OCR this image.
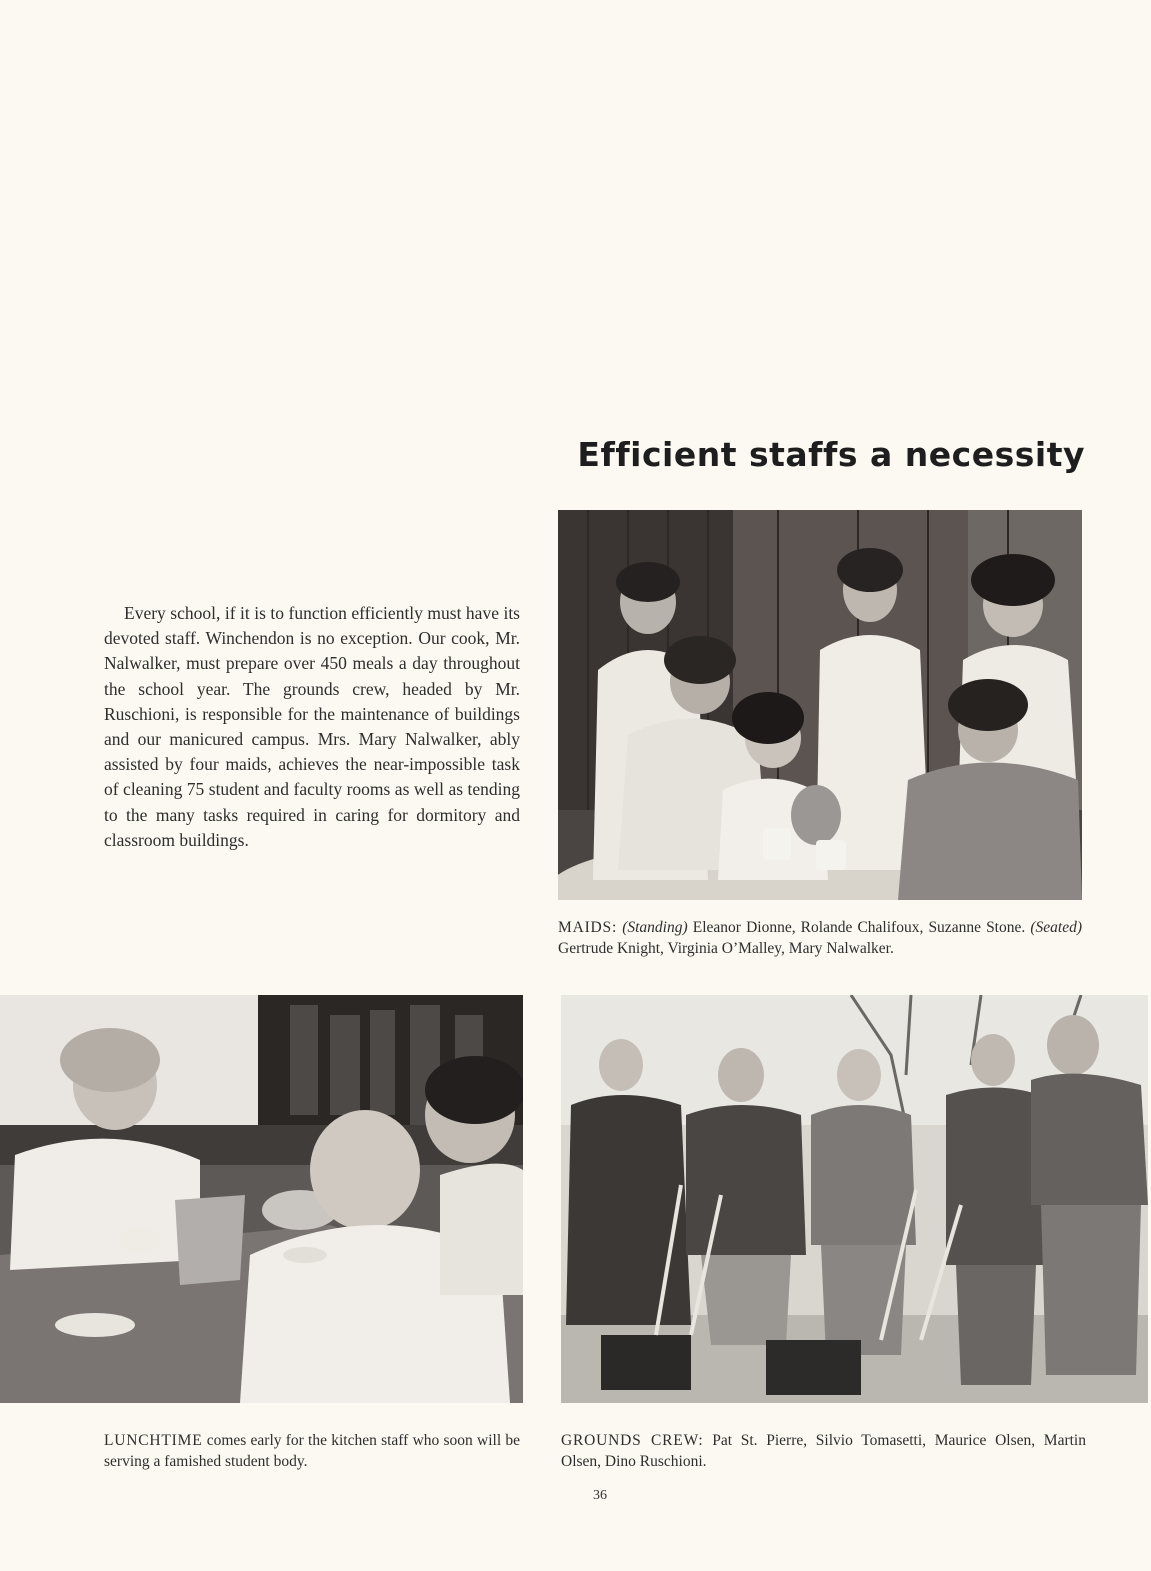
Efficient staffs a necessity

Every school, if it is to function efficiently must have its devoted staff. Winchendon is no exception. Our cook, Mr. Nalwalker, must prepare over 450 meals a day throughout the school year. The grounds crew, headed by Mr. Ruschioni, is responsible for the maintenance of buildings and our manicured campus. Mrs. Mary Nalwalker, ably assisted by four maids, achieves the near-impossible task of cleaning 75 student and faculty rooms as well as tending to the many tasks required in caring for dormitory and classroom buildings.

MAIDS: (Standing) Eleanor Dionne, Rolande Chalifoux, Suzanne Stone. (Seated) Gertrude Knight, Virginia O’Malley, Mary Nalwalker.

LUNCHTIME comes early for the kitchen staff who soon will be serving a famished student body.

GROUNDS CREW: Pat St. Pierre, Silvio Tomasetti, Maurice Olsen, Martin Olsen, Dino Ruschioni.

36
